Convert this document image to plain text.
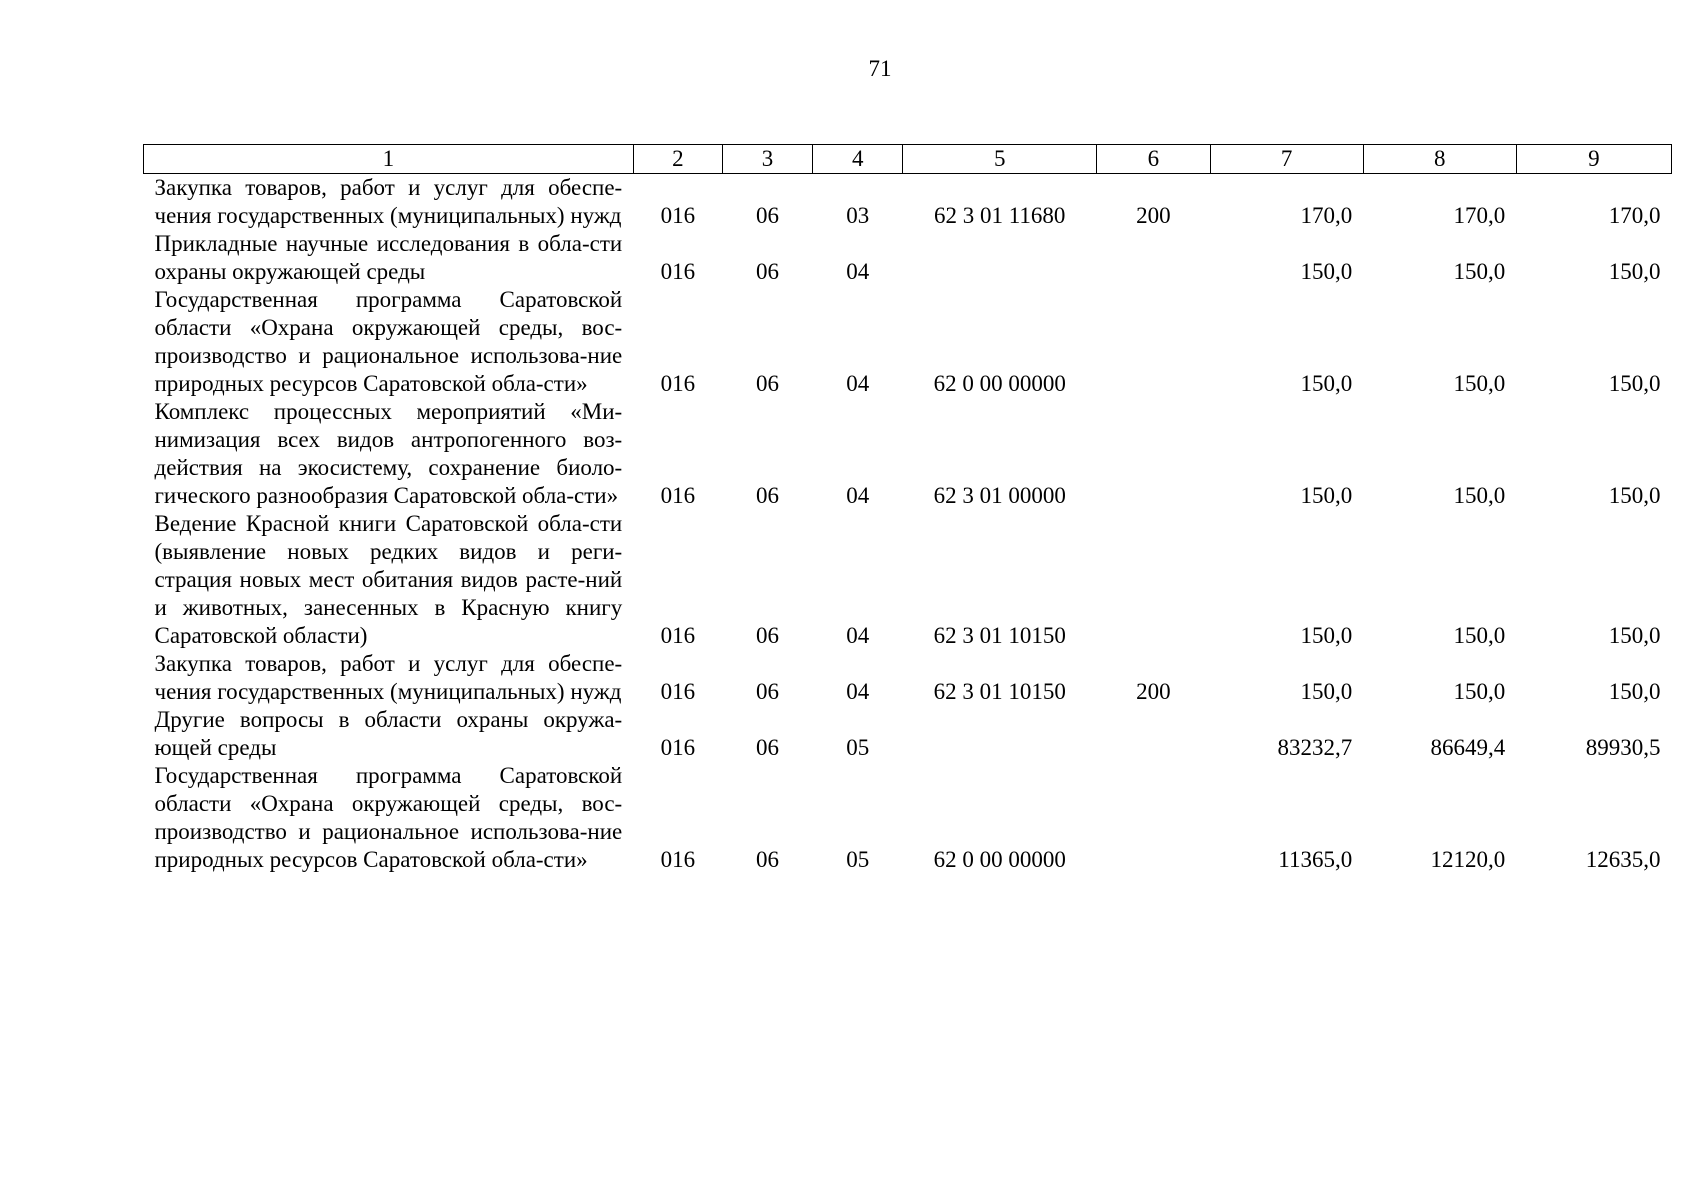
71
1	2	3	4	5	6	7	8	9
Закупка товаров, работ и услуг для обеспе-чения государственных (муниципальных) нужд	016	06	03	62 3 01 11680	200	170,0	170,0	170,0
Прикладные научные исследования в обла-сти охраны окружающей среды	016	06	04			150,0	150,0	150,0
Государственная программа Саратовской области «Охрана окружающей среды, вос-производство и рациональное использова-ние природных ресурсов Саратовской обла-сти»	016	06	04	62 0 00 00000		150,0	150,0	150,0
Комплекс процессных мероприятий «Ми-нимизация всех видов антропогенного воз-действия на экосистему, сохранение биоло-гического разнообразия Саратовской обла-сти»	016	06	04	62 3 01 00000		150,0	150,0	150,0
Ведение Красной книги Саратовской обла-сти (выявление новых редких видов и реги-страция новых мест обитания видов расте-ний и животных, занесенных в Красную книгу Саратовской области)	016	06	04	62 3 01 10150		150,0	150,0	150,0
Закупка товаров, работ и услуг для обеспе-чения государственных (муниципальных) нужд	016	06	04	62 3 01 10150	200	150,0	150,0	150,0
Другие вопросы в области охраны окружа-ющей среды	016	06	05			83232,7	86649,4	89930,5
Государственная программа Саратовской области «Охрана окружающей среды, вос-производство и рациональное использова-ние природных ресурсов Саратовской обла-сти»	016	06	05	62 0 00 00000		11365,0	12120,0	12635,0
